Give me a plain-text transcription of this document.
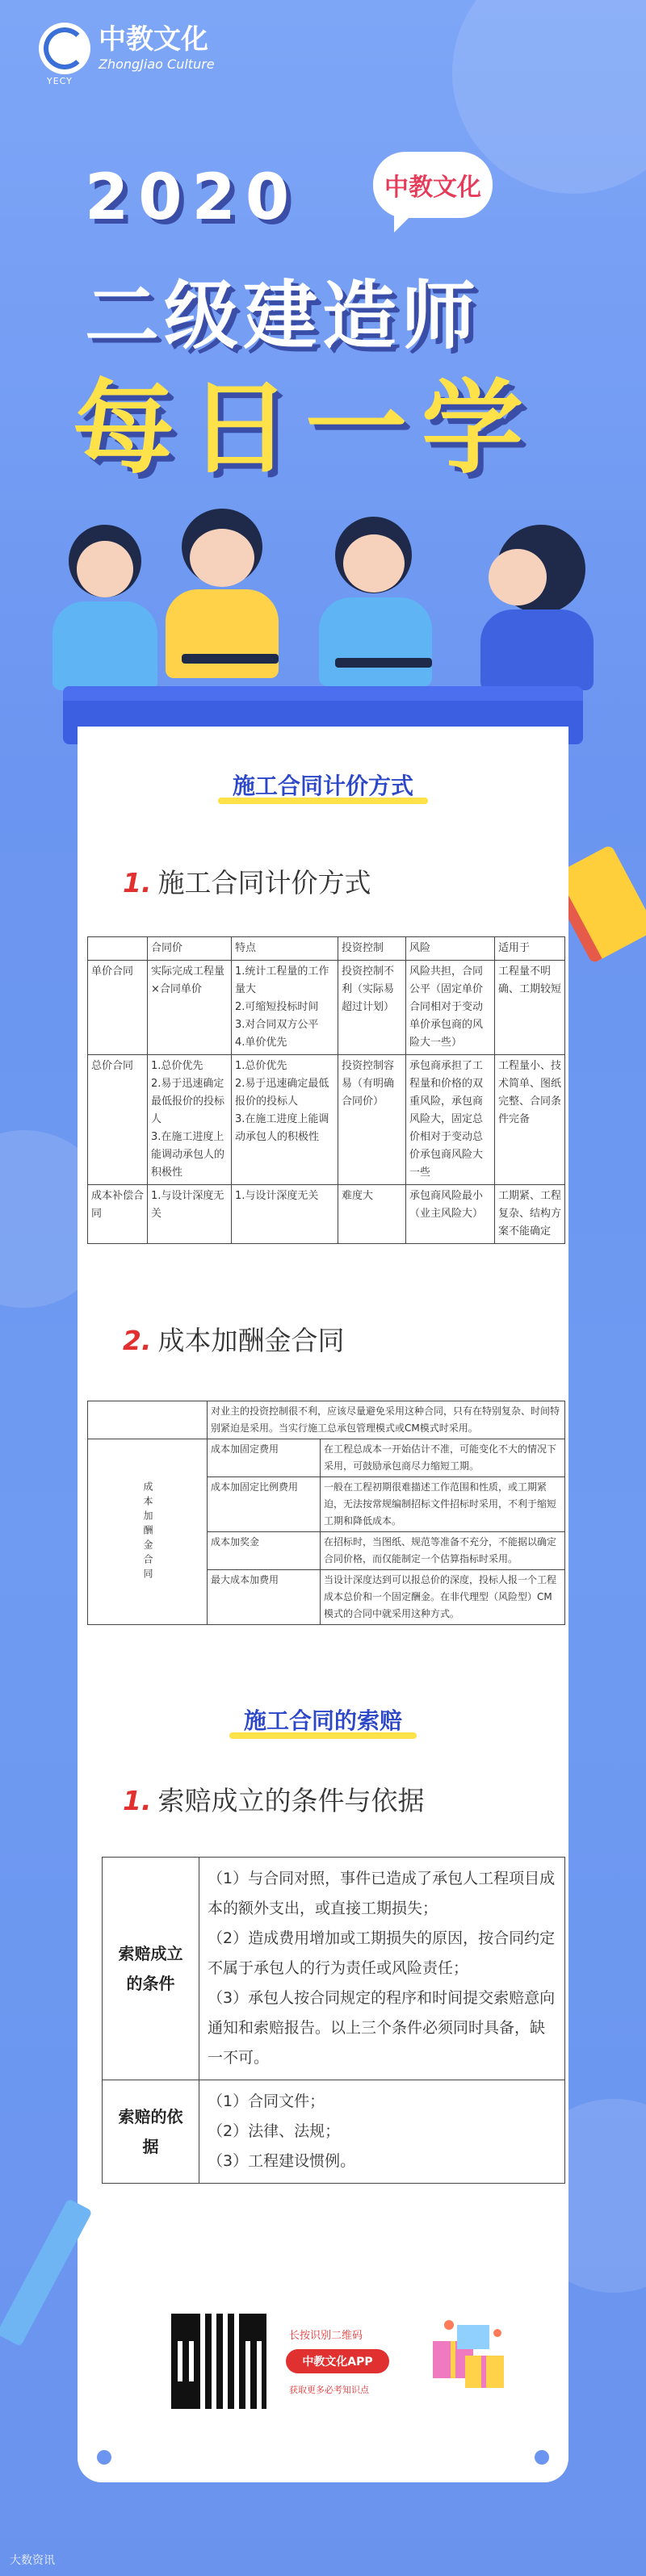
中教文化
ZhongJiao Culture
YECY
2020	中教文化
二级建造师
每日一学
施工合同计价方式
1. 施工合同计价方式
	合同价	特点	投资控制	风险	适用于
单价合同	实际完成工程量×合同单价	1.统计工程量的工作量大
2.可缩短投标时间
3.对合同双方公平
4.单价优先	投资控制不利（实际易超过计划）	风险共担，合同公平（固定单价合同相对于变动单价承包商的风险大一些）	工程量不明确、工期较短
总价合同	1.总价优先
2.易于迅速确定最低报价的投标人
3.在施工进度上能调动承包人的积极性	1.总价优先
2.易于迅速确定最低报价的投标人
3.在施工进度上能调动承包人的积极性	投资控制容易（有明确合同价）	承包商承担了工程量和价格的双重风险，承包商风险大，固定总价相对于变动总价承包商风险大一些	工程量小、技术简单、图纸完整、合同条件完备
成本补偿合同	1.与设计深度无关	1.与设计深度无关	难度大	承包商风险最小（业主风险大）	工期紧、工程复杂、结构方案不能确定
2. 成本加酬金合同
	对业主的投资控制很不利，应该尽量避免采用这种合同，只有在特别复杂、时间特别紧迫是采用。当实行施工总承包管理模式或CM模式时采用。	
成本加酬金合同	成本加固定费用	在工程总成本一开始估计不准，可能变化不大的情况下采用，可鼓励承包商尽力缩短工期。
	成本加固定比例费用	一般在工程初期很难描述工作范围和性质，或工期紧迫，无法按常规编制招标文件招标时采用，不利于缩短工期和降低成本。
	成本加奖金	在招标时，当图纸、规范等准备不充分，不能据以确定合同价格，而仅能制定一个估算指标时采用。
	最大成本加费用	当设计深度达到可以报总价的深度，投标人报一个工程成本总价和一个固定酬金。在非代理型（风险型）CM模式的合同中就采用这种方式。
施工合同的索赔
1. 索赔成立的条件与依据
索赔成立的条件	（1）与合同对照，事件已造成了承包人工程项目成本的额外支出，或直接工期损失；
（2）造成费用增加或工期损失的原因，按合同约定不属于承包人的行为责任或风险责任；
（3）承包人按合同规定的程序和时间提交索赔意向通知和索赔报告。以上三个条件必须同时具备，缺一不可。

索赔的依据	（1）合同文件；
（2）法律、法规；
（3）工程建设惯例。
长按识别二维码
中教文化APP
获取更多必考知识点
大数资讯
